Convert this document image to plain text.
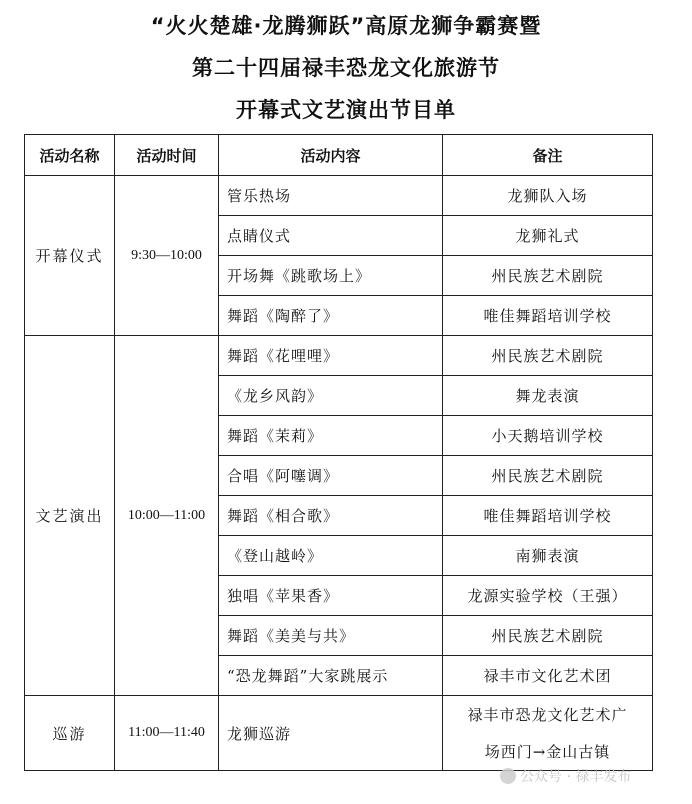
“火火楚雄·龙腾狮跃”高原龙狮争霸赛暨
第二十四届禄丰恐龙文化旅游节
开幕式文艺演出节目单
活动名称	活动时间	活动内容	备注
开幕仪式	9:30—10:00	管乐热场	龙狮队入场
		点睛仪式	龙狮礼式
		开场舞《跳歌场上》	州民族艺术剧院
		舞蹈《陶醉了》	唯佳舞蹈培训学校
文艺演出	10:00—11:00	舞蹈《花哩哩》	州民族艺术剧院
		《龙乡风韵》	舞龙表演
		舞蹈《茉莉》	小天鹅培训学校
		合唱《阿噻调》	州民族艺术剧院
		舞蹈《相合歌》	唯佳舞蹈培训学校
		《登山越岭》	南狮表演
		独唱《苹果香》	龙源实验学校（王强）
		舞蹈《美美与共》	州民族艺术剧院
		“恐龙舞蹈”大家跳展示	禄丰市文化艺术团
巡游	11:00—11:40	龙狮巡游	禄丰市恐龙文化艺术广
			场西门→金山古镇
公众号 · 禄丰发布
